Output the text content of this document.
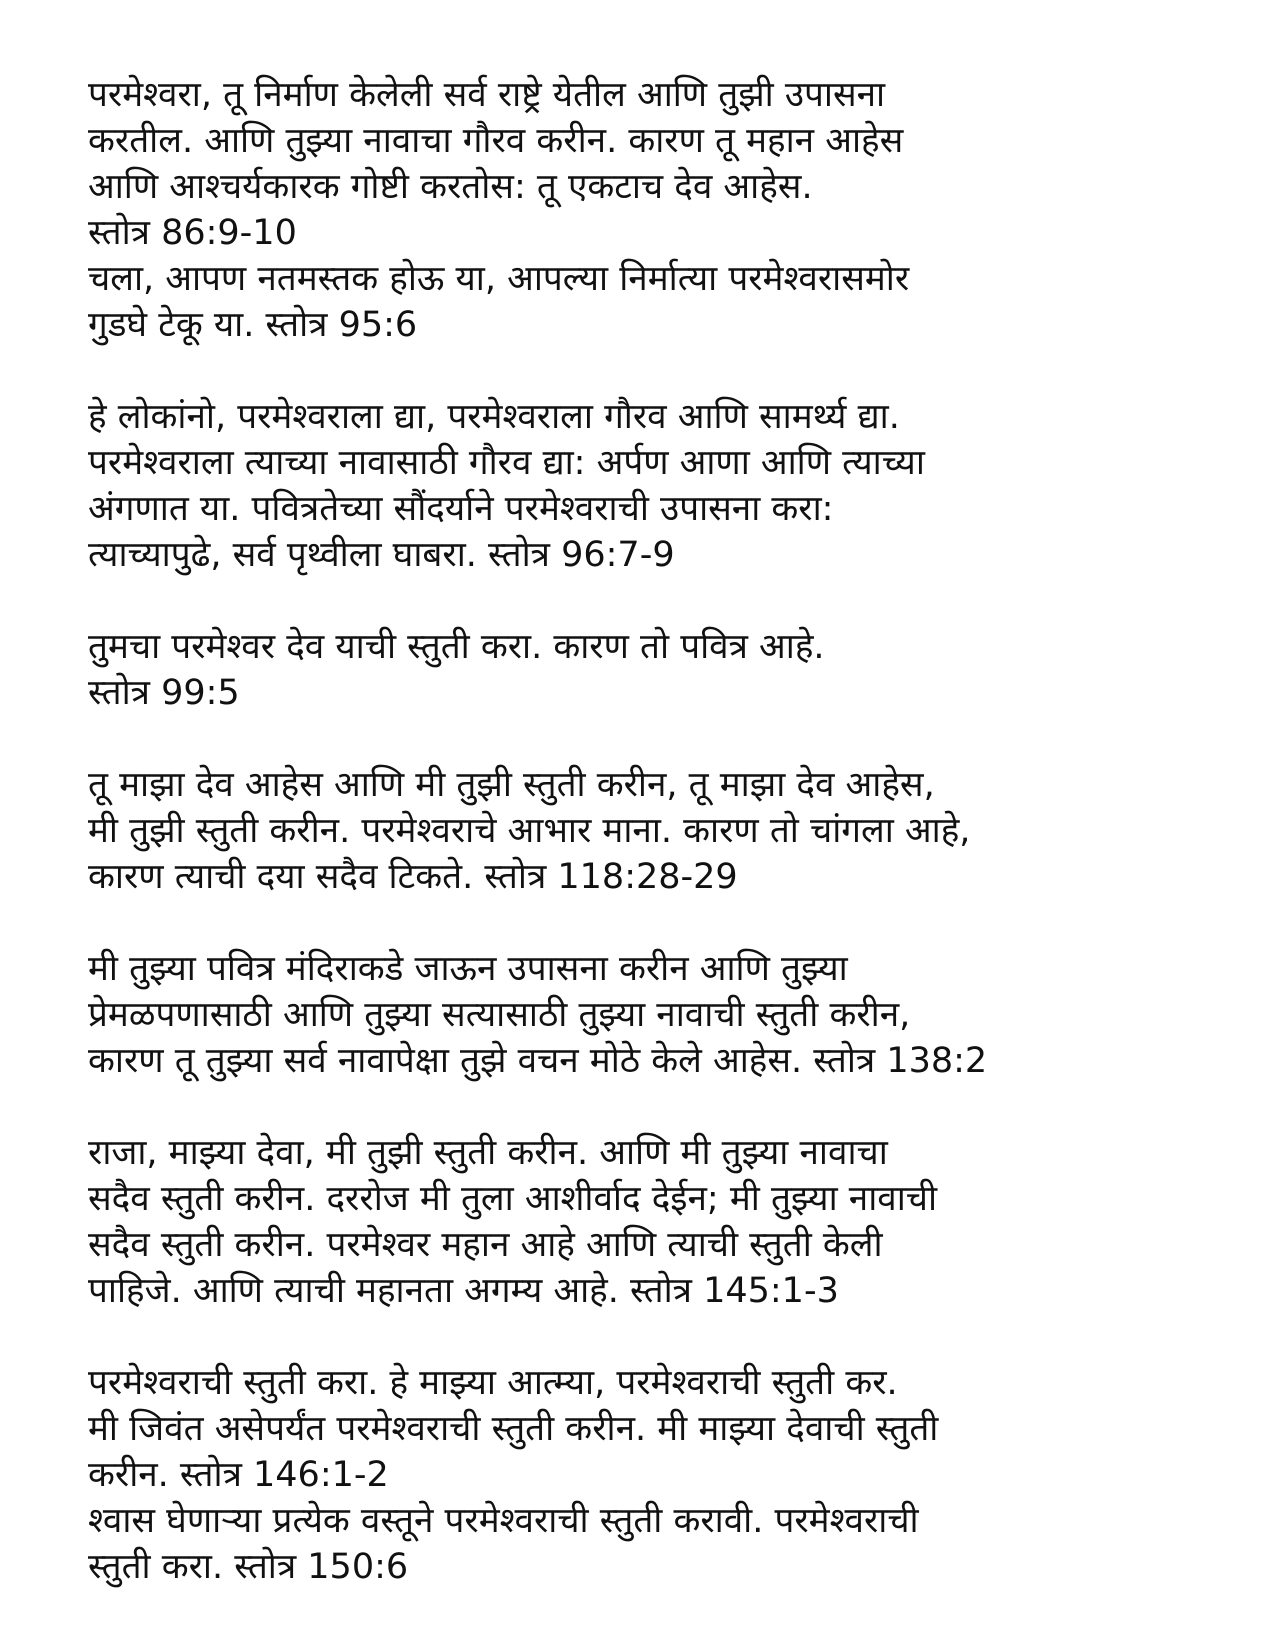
परमेश्वरा, तू निर्माण केलेली सर्व राष्ट्रे येतील आणि तुझी उपासना
करतील. आणि तुझ्या नावाचा गौरव करीन. कारण तू महान आहेस
आणि आश्चर्यकारक गोष्टी करतोस: तू एकटाच देव आहेस.
स्तोत्र 86:9-10
चला, आपण नतमस्तक होऊ या, आपल्या निर्मात्या परमेश्वरासमोर
गुडघे टेकू या. स्तोत्र 95:6
हे लोकांनो, परमेश्वराला द्या, परमेश्वराला गौरव आणि सामर्थ्य द्या.
परमेश्वराला त्याच्या नावासाठी गौरव द्या: अर्पण आणा आणि त्याच्या
अंगणात या. पवित्रतेच्या सौंदर्याने परमेश्वराची उपासना करा:
त्याच्यापुढे, सर्व पृथ्वीला घाबरा. स्तोत्र 96:7-9
तुमचा परमेश्वर देव याची स्तुती करा. कारण तो पवित्र आहे.
स्तोत्र 99:5
तू माझा देव आहेस आणि मी तुझी स्तुती करीन, तू माझा देव आहेस,
मी तुझी स्तुती करीन. परमेश्वराचे आभार माना. कारण तो चांगला आहे,
कारण त्याची दया सदैव टिकते. स्तोत्र 118:28-29
मी तुझ्या पवित्र मंदिराकडे जाऊन उपासना करीन आणि तुझ्या
प्रेमळपणासाठी आणि तुझ्या सत्यासाठी तुझ्या नावाची स्तुती करीन,
कारण तू तुझ्या सर्व नावापेक्षा तुझे वचन मोठे केले आहेस. स्तोत्र 138:2
राजा, माझ्या देवा, मी तुझी स्तुती करीन. आणि मी तुझ्या नावाचा
सदैव स्तुती करीन. दररोज मी तुला आशीर्वाद देईन; मी तुझ्या नावाची
सदैव स्तुती करीन. परमेश्वर महान आहे आणि त्याची स्तुती केली
पाहिजे. आणि त्याची महानता अगम्य आहे. स्तोत्र 145:1-3
परमेश्वराची स्तुती करा. हे माझ्या आत्म्या, परमेश्वराची स्तुती कर.
मी जिवंत असेपर्यंत परमेश्वराची स्तुती करीन. मी माझ्या देवाची स्तुती
करीन. स्तोत्र 146:1-2
श्वास घेणाऱ्या प्रत्येक वस्तूने परमेश्वराची स्तुती करावी. परमेश्वराची
स्तुती करा. स्तोत्र 150:6
